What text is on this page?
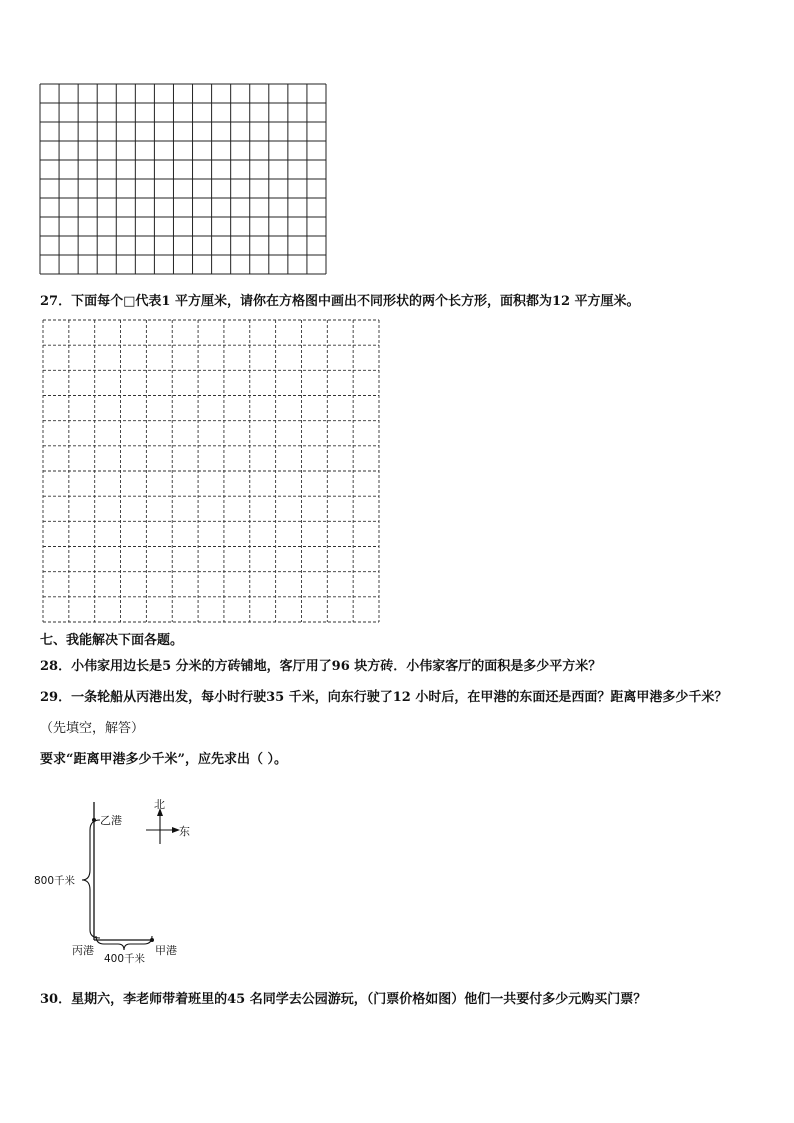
27．下面每个□代表1 平方厘米，请你在方格图中画出不同形状的两个长方形，面积都为12 平方厘米。
七、我能解决下面各题。
28．小伟家用边长是5 分米的方砖铺地，客厅用了96 块方砖．小伟家客厅的面积是多少平方米？
29．一条轮船从丙港出发，每小时行驶35 千米，向东行驶了12 小时后，在甲港的东面还是西面？距离甲港多少千米？
（先填空，解答）
要求“距离甲港多少千米”，应先求出（ ）。
乙港
丙港	甲港
800千米
400千米
北
东
30．星期六，李老师带着班里的45 名同学去公园游玩，（门票价格如图）他们一共要付多少元购买门票？
